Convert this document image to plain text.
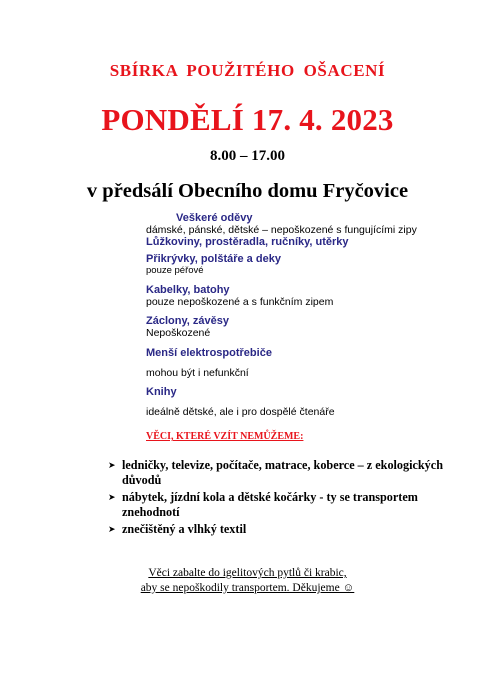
SBÍRKA POUŽITÉHO OŠACENÍ
PONDĚLÍ 17. 4. 2023
8.00 – 17.00
v předsálí Obecního domu Fryčovice
Veškeré oděvy
dámské, pánské, dětské – nepoškozené s fungujícími zipy
Lůžkoviny, prostěradla, ručníky, utěrky
Přikrývky, polštáře a deky
pouze péřové
Kabelky, batohy
pouze nepoškozené a s funkčním zipem
Záclony, závěsy
Nepoškozené
Menší elektrospotřebiče
mohou být i nefunkční
Knihy
ideálně dětské, ale i pro dospělé čtenáře
VĚCI, KTERÉ VZÍT NEMŮŽEME:
➤ ledničky, televize, počítače, matrace, koberce – z ekologických důvodů
➤ nábytek, jízdní kola a dětské kočárky - ty se transportem znehodnotí
➤ znečištěný a vlhký textil
Věci zabalte do igelitových pytlů či krabic,
aby se nepoškodily transportem. Děkujeme ☺
